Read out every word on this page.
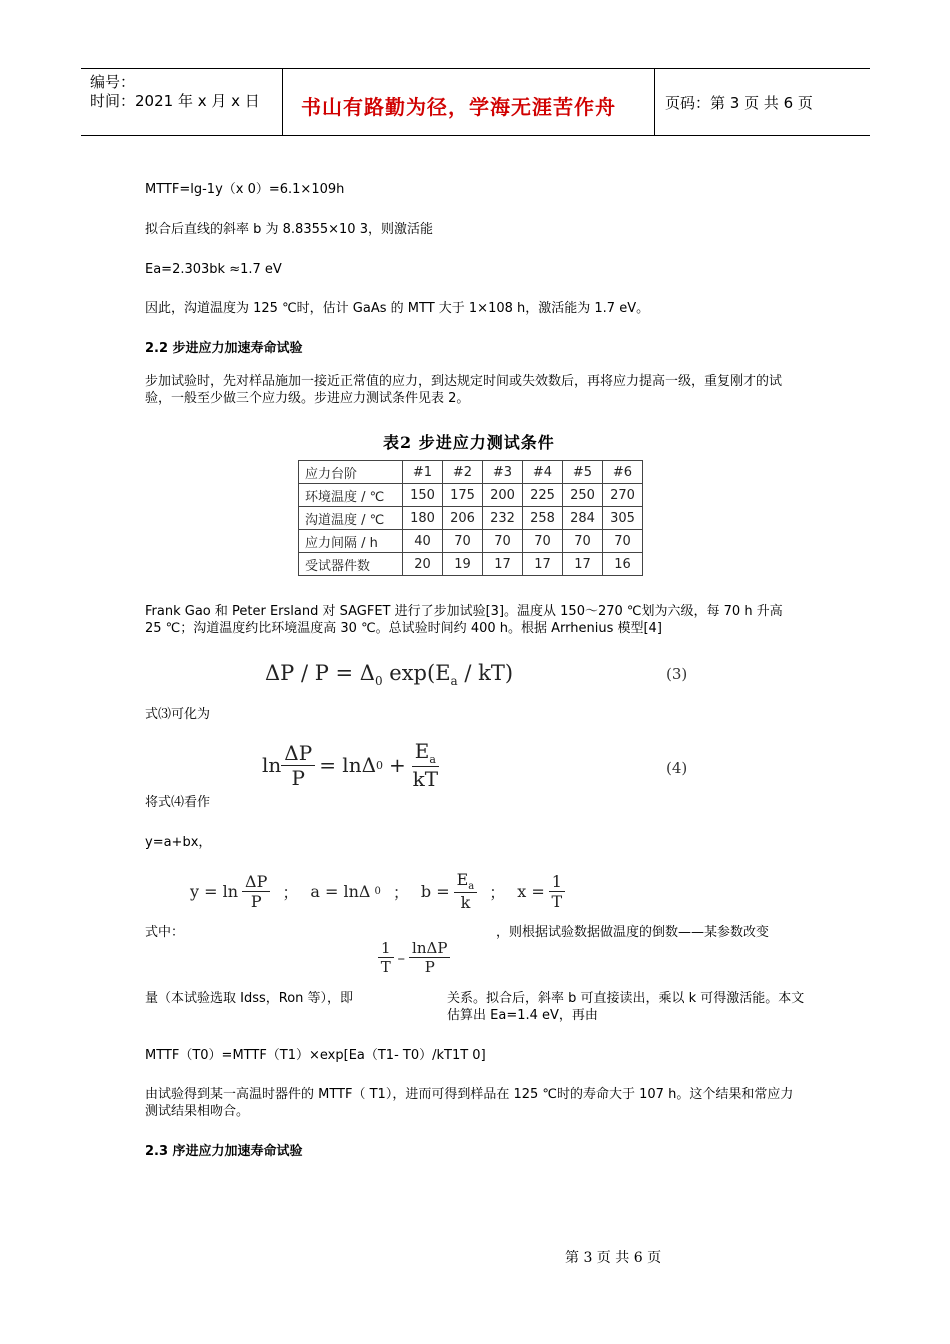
编号：
时间：2021 年 x 月 x 日 书山有路勤为径，学海无涯苦作舟	页码：第 3 页 共 6 页
MTTF=lg-1y（x 0）=6.1×109h
拟合后直线的斜率 b 为 8.8355×10 3，则激活能
Ea=2.303bk ≈1.7 eV
因此，沟道温度为 125 ℃时，估计 GaAs 的 MTT 大于 1×108 h，激活能为 1.7 eV。
2.2 步进应力加速寿命试验
步加试验时，先对样品施加一接近正常值的应力，到达规定时间或失效数后，再将应力提高一级，重复刚才的试验，一般至少做三个应力级。步进应力测试条件见表 2。
表2 步进应力测试条件
应力台阶	#1	#2	#3	#4	#5	#6
环境温度 / ℃	150	175	200	225	250	270
沟道温度 / ℃	180	206	232	258	284	305
应力间隔 / h	40	70	70	70	70	70
受试器件数	20	19	17	17	17	16
Frank Gao 和 Peter Ersland 对 SAGFET 进行了步加试验[3]。温度从 150～270 ℃划为六级，每 70 h 升高 25 ℃；沟道温度约比环境温度高 30 ℃。总试验时间约 400 h。根据 Arrhenius 模型[4]
$\Delta P / P = \Delta_0$ $\exp(E_a / kT)$	(3)
式⑶可化为
$\ln \frac{\Delta P}{P} = \ln\Delta$ $0 + \frac{E_a}{kT}$	(4)
将式⑷看作
y=a+bx，
$y = \ln \frac{\Delta P}{P}$ ； a = lnΔ 0 ； $b = \frac{E_a}{k}$ ； $x = \frac{1}{T}$
式中：	，则根据试验数据做温度的倒数——某参数改变
$\frac{1}{T} - \frac{\ln\Delta P}{P}$
量（本试验选取 Idss，Ron 等），即	关系。拟合后，斜率 b 可直接读出，乘以 k 可得激活能。本文估算出 Ea=1.4 eV，再由
MTTF（T0）=MTTF（T1）×exp[Ea（T1- T0）/kT1T 0]
由试验得到某一高温时器件的 MTTF（ T1），进而可得到样品在 125 ℃时的寿命大于 107 h。这个结果和常应力测试结果相吻合。
2.3 序进应力加速寿命试验
第 3 页 共 6 页
